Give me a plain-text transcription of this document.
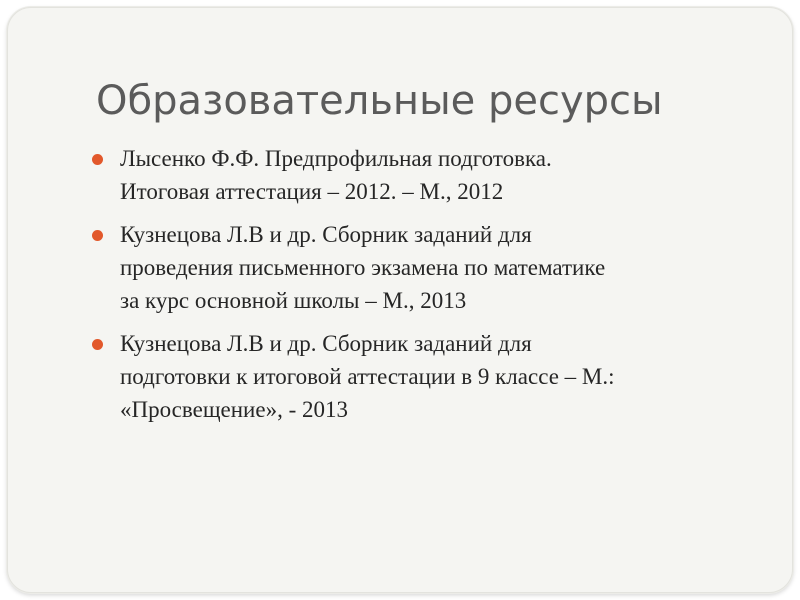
Образовательные ресурсы
Лысенко Ф.Ф. Предпрофильная подготовка.
Итоговая аттестация – 2012. – М., 2012
Кузнецова Л.В и др. Сборник заданий для
проведения письменного экзамена по математике
за курс основной школы – М., 2013
Кузнецова Л.В и др. Сборник заданий для
подготовки к итоговой аттестации в 9 классе – М.:
«Просвещение», - 2013
